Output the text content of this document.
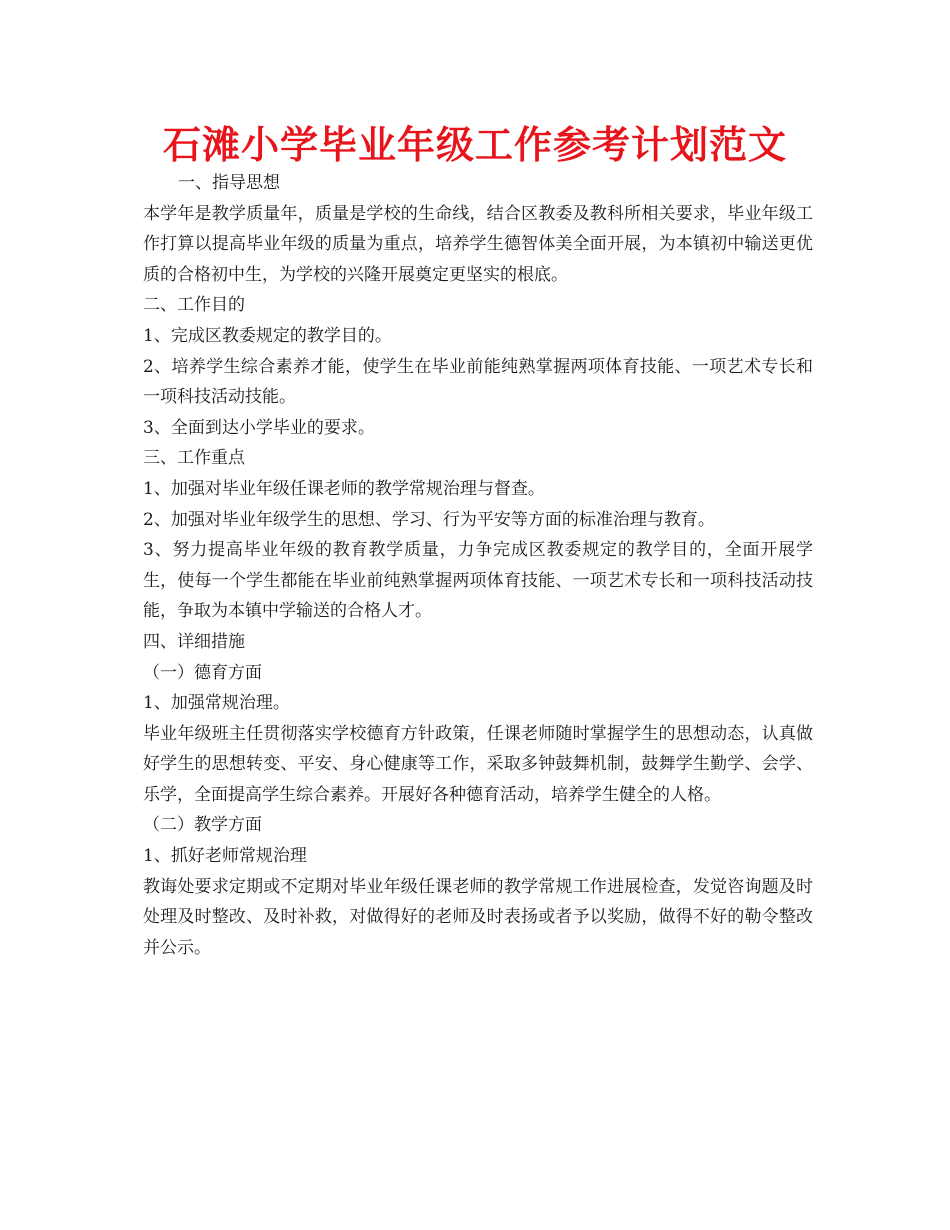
石滩小学毕业年级工作参考计划范文

一、指导思想

本学年是教学质量年，质量是学校的生命线，结合区教委及教科所相关要求，毕业年级工作打算以提高毕业年级的质量为重点，培养学生德智体美全面开展，为本镇初中输送更优质的合格初中生，为学校的兴隆开展奠定更坚实的根底。

二、工作目的

1、完成区教委规定的教学目的。

2、培养学生综合素养才能，使学生在毕业前能纯熟掌握两项体育技能、一项艺术专长和一项科技活动技能。

3、全面到达小学毕业的要求。

三、工作重点

1、加强对毕业年级任课老师的教学常规治理与督查。

2、加强对毕业年级学生的思想、学习、行为平安等方面的标准治理与教育。

3、努力提高毕业年级的教育教学质量，力争完成区教委规定的教学目的，全面开展学生，使每一个学生都能在毕业前纯熟掌握两项体育技能、一项艺术专长和一项科技活动技能，争取为本镇中学输送的合格人才。

四、详细措施

（一）德育方面

1、加强常规治理。

毕业年级班主任贯彻落实学校德育方针政策，任课老师随时掌握学生的思想动态，认真做好学生的思想转变、平安、身心健康等工作，采取多钟鼓舞机制，鼓舞学生勤学、会学、乐学，全面提高学生综合素养。开展好各种德育活动，培养学生健全的人格。

（二）教学方面

1、抓好老师常规治理

教诲处要求定期或不定期对毕业年级任课老师的教学常规工作进展检查，发觉咨询题及时处理及时整改、及时补救，对做得好的老师及时表扬或者予以奖励，做得不好的勒令整改并公示。
